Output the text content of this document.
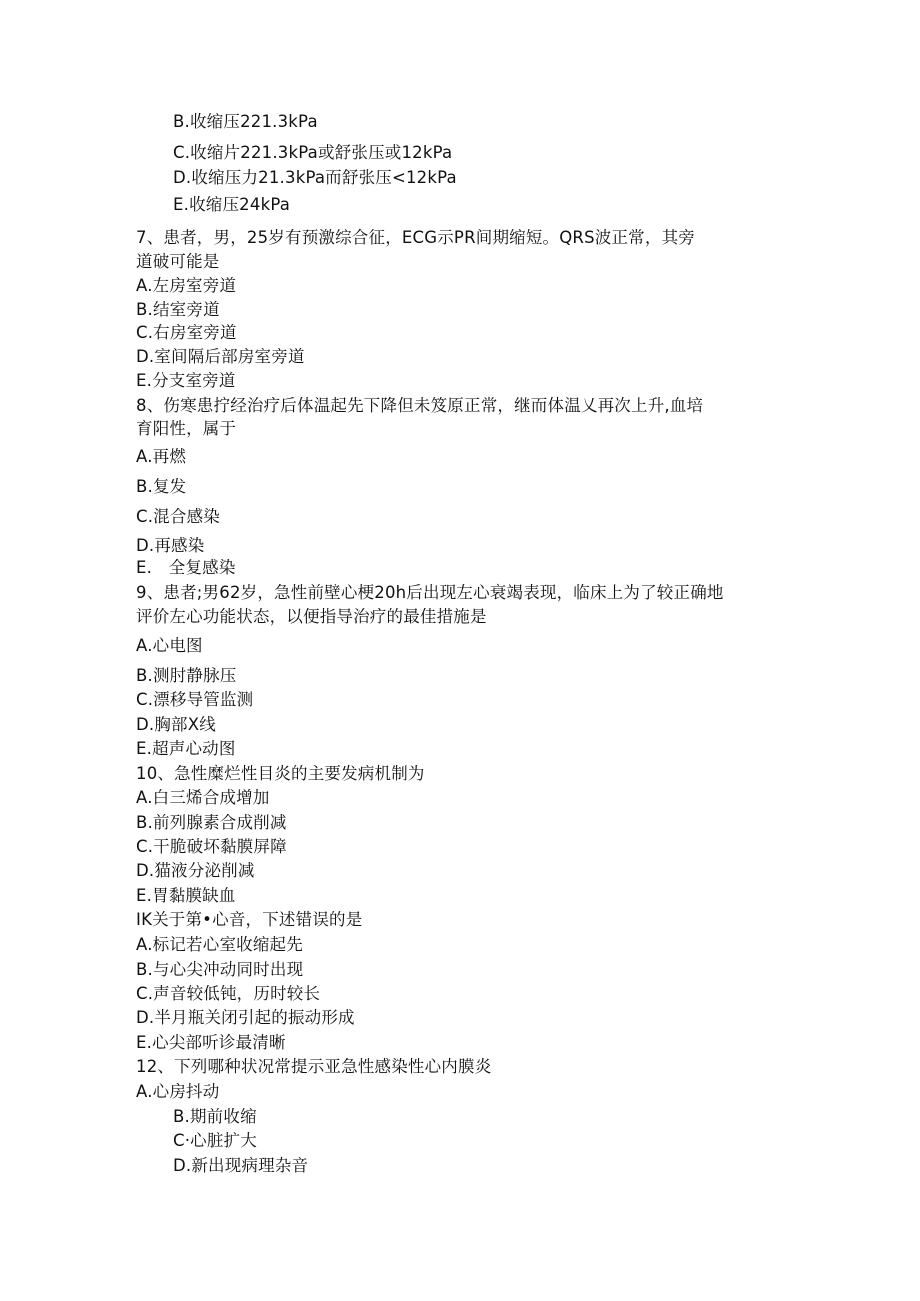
B.收缩压221.3kPa
C.收缩片221.3kPa或舒张压或12kPa
D.收缩压力21.3kPa而舒张压<12kPa
E.收缩压24kPa
7、患者，男，25岁有预激综合征，ECG示PR间期缩短。QRS波正常，其旁
道破可能是
A.左房室旁道
B.结室旁道
C.右房室旁道
D.室间隔后部房室旁道
E.分支室旁道
8、伤寒患拧经治疗后体温起先下降但未笈原正常，继而体温乂再次上升,血培
育阳性，属于
A.再燃
B.复发
C.混合感染
D.再感染
E.　全复感染
9、患者;男62岁，急性前壁心梗20h后出现左心衰竭表现，临床上为了较正确地
评价左心功能状态，以便指导治疗的最佳措施是
A.心电图
B.测肘静脉压
C.漂移导管监测
D.胸部X线
E.超声心动图
10、急性糜烂性目炎的主要发病机制为
A.白三烯合成增加
B.前列腺素合成削减
C.干脆破坏黏膜屏障
D.猫液分泌削减
E.胃黏膜缺血
IK关于第•心音，下述错误的是
A.标记若心室收缩起先
B.与心尖冲动同时出现
C.声音较低钝，历时较长
D.半月瓶关闭引起的振动形成
E.心尖部听诊最清晰
12、下列哪种状况常提示亚急性感染性心内膜炎
A.心房抖动
B.期前收缩
C·心脏扩大
D.新出现病理杂音
